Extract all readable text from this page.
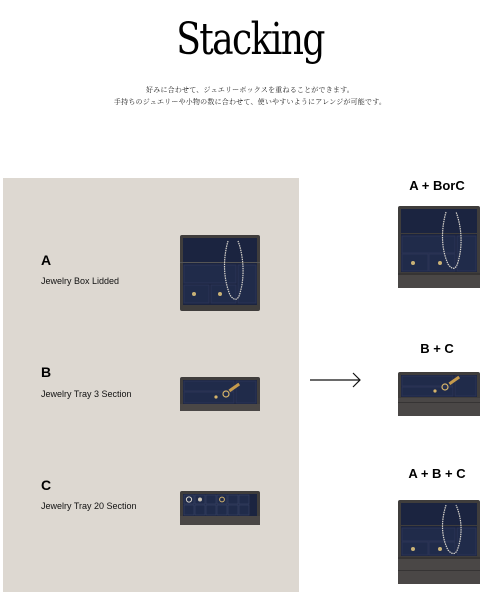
Stacking
好みに合わせて、ジュエリーボックスを重ねることができます。
手持ちのジュエリーや小物の数に合わせて、使いやすいようにアレンジが可能です。
A
Jewelry Box Lidded
B
Jewelry Tray 3 Section
C
Jewelry Tray 20 Section
A + BorC
B + C
A + B + C
